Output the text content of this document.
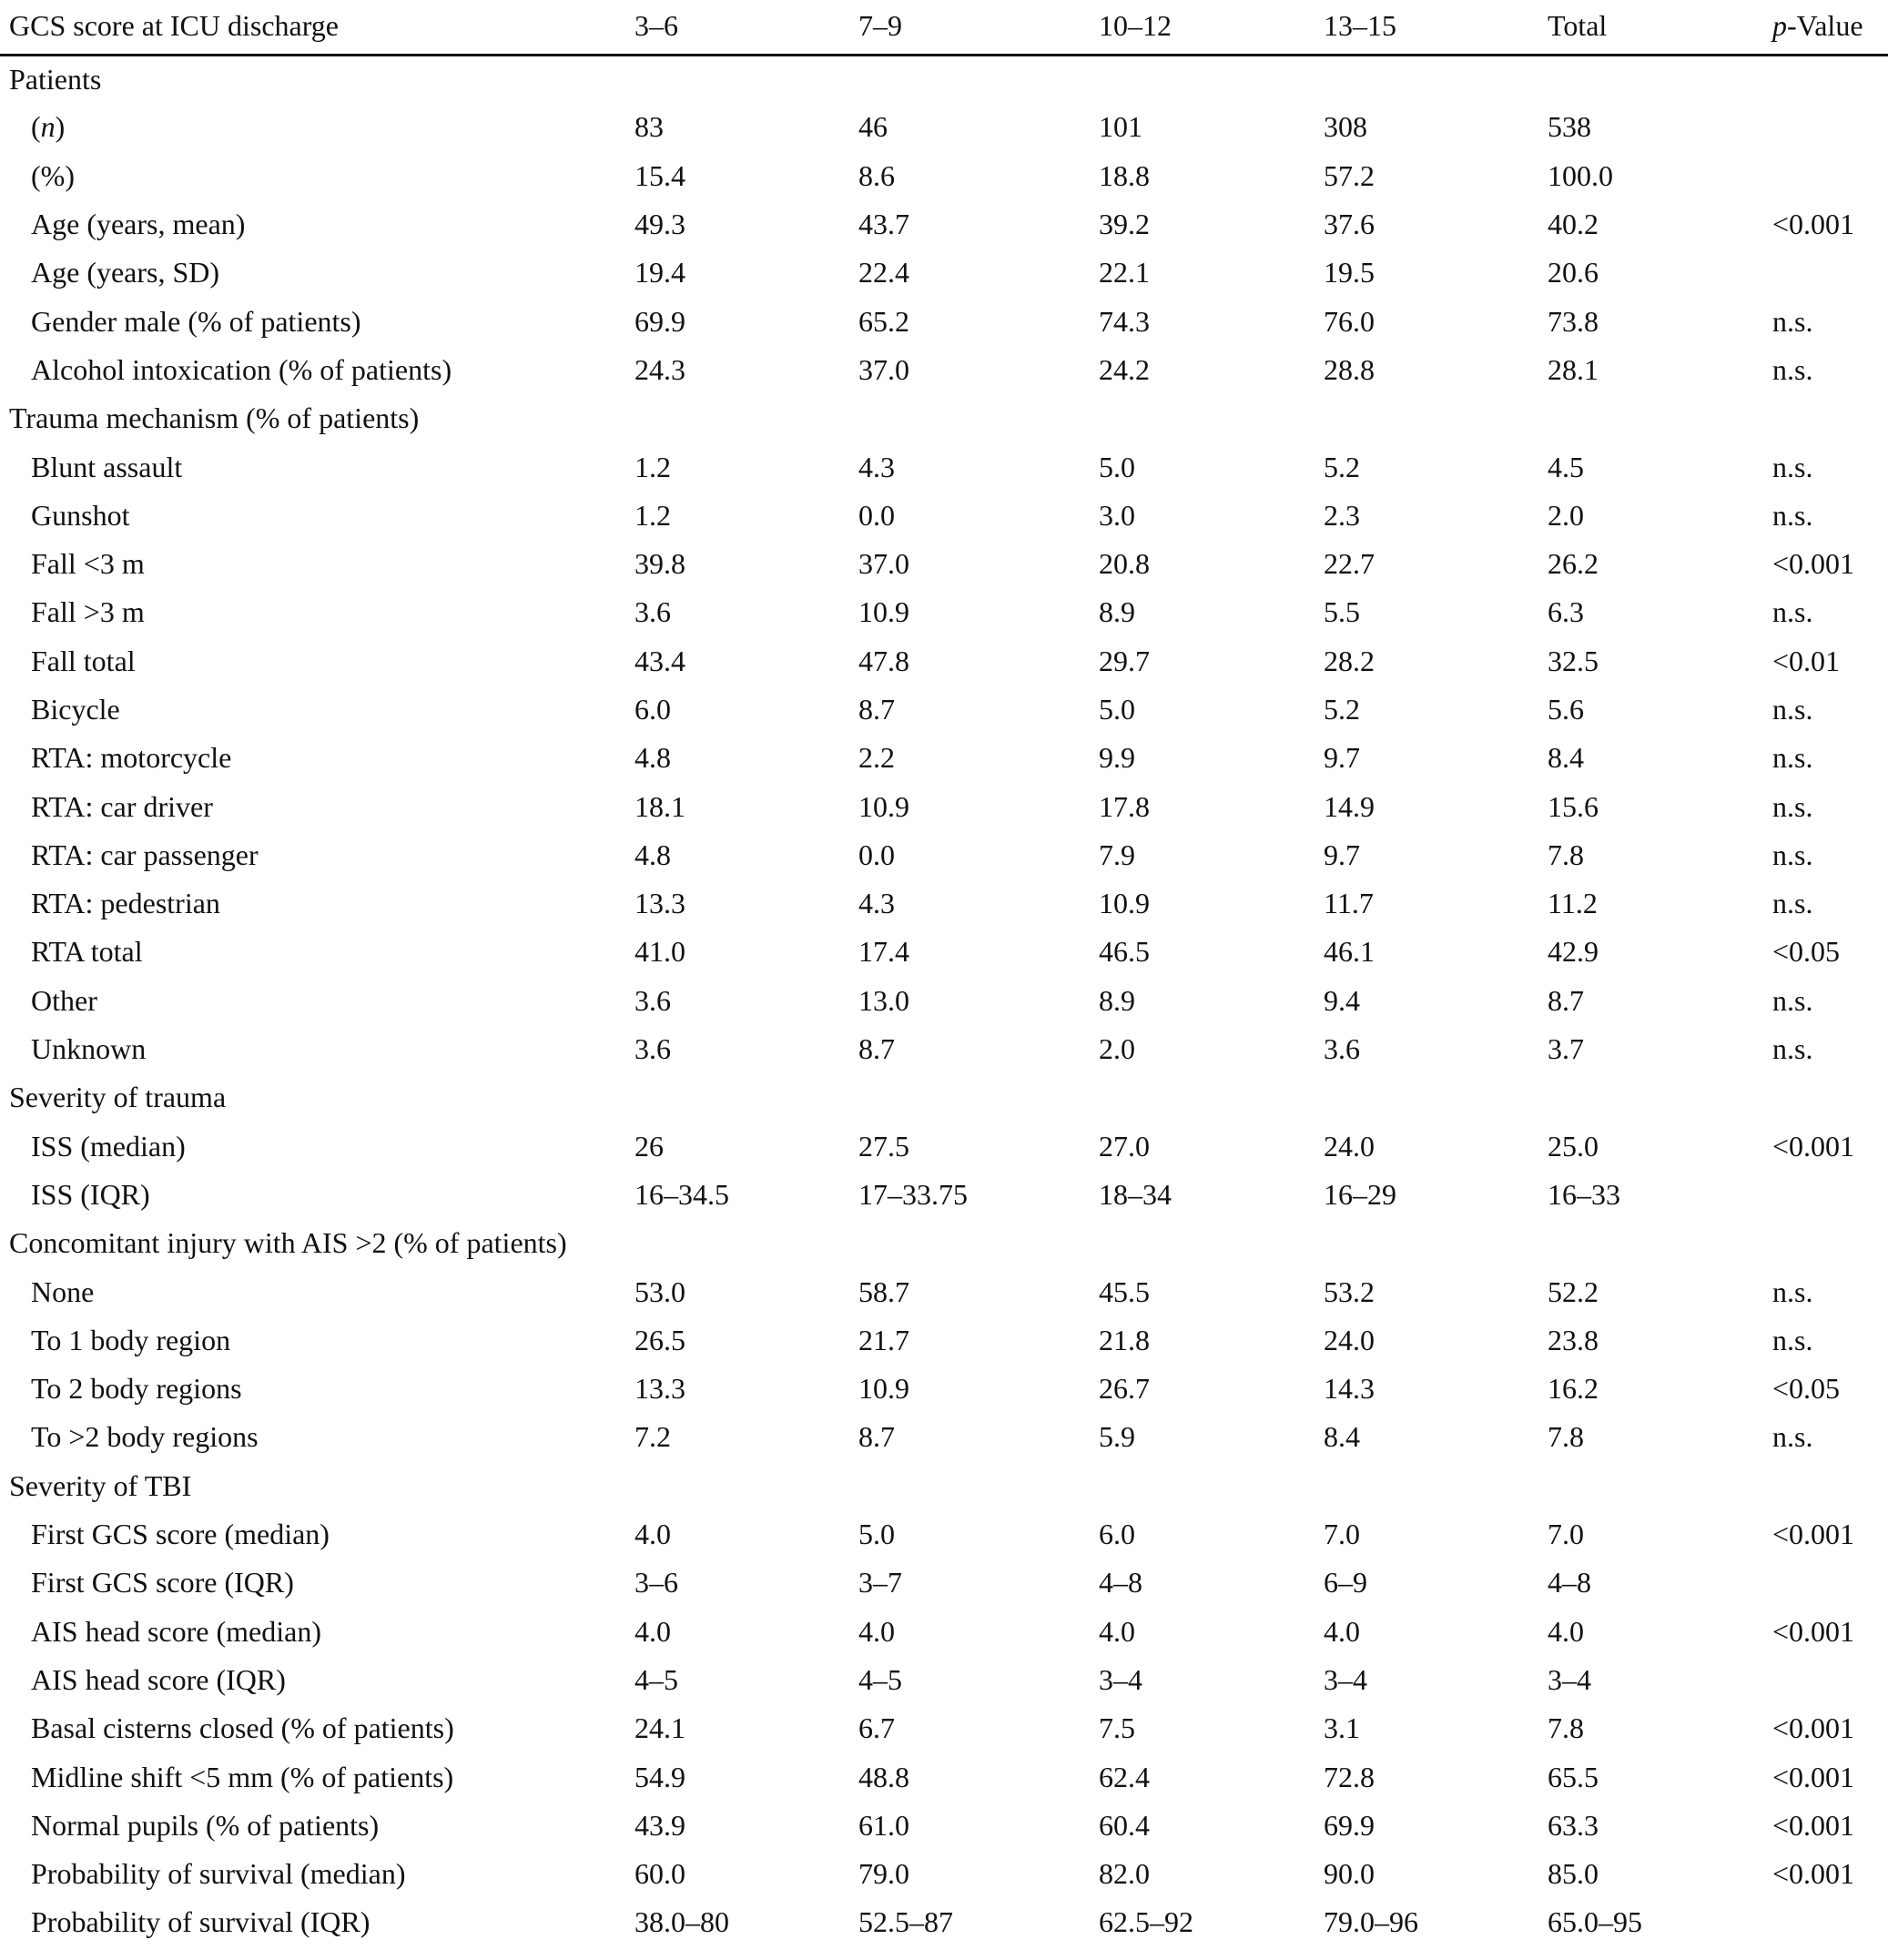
GCS score at ICU discharge	3–6	7–9	10–12	13–15	Total	p-Value
Patients						
(n)	83	46	101	308	538	
(%)	15.4	8.6	18.8	57.2	100.0	
Age (years, mean)	49.3	43.7	39.2	37.6	40.2	<0.001
Age (years, SD)	19.4	22.4	22.1	19.5	20.6	
Gender male (% of patients)	69.9	65.2	74.3	76.0	73.8	n.s.
Alcohol intoxication (% of patients)	24.3	37.0	24.2	28.8	28.1	n.s.
Trauma mechanism (% of patients)						
Blunt assault	1.2	4.3	5.0	5.2	4.5	n.s.
Gunshot	1.2	0.0	3.0	2.3	2.0	n.s.
Fall <3 m	39.8	37.0	20.8	22.7	26.2	<0.001
Fall >3 m	3.6	10.9	8.9	5.5	6.3	n.s.
Fall total	43.4	47.8	29.7	28.2	32.5	<0.01
Bicycle	6.0	8.7	5.0	5.2	5.6	n.s.
RTA: motorcycle	4.8	2.2	9.9	9.7	8.4	n.s.
RTA: car driver	18.1	10.9	17.8	14.9	15.6	n.s.
RTA: car passenger	4.8	0.0	7.9	9.7	7.8	n.s.
RTA: pedestrian	13.3	4.3	10.9	11.7	11.2	n.s.
RTA total	41.0	17.4	46.5	46.1	42.9	<0.05
Other	3.6	13.0	8.9	9.4	8.7	n.s.
Unknown	3.6	8.7	2.0	3.6	3.7	n.s.
Severity of trauma						
ISS (median)	26	27.5	27.0	24.0	25.0	<0.001
ISS (IQR)	16–34.5	17–33.75	18–34	16–29	16–33	
Concomitant injury with AIS >2 (% of patients)						
None	53.0	58.7	45.5	53.2	52.2	n.s.
To 1 body region	26.5	21.7	21.8	24.0	23.8	n.s.
To 2 body regions	13.3	10.9	26.7	14.3	16.2	<0.05
To >2 body regions	7.2	8.7	5.9	8.4	7.8	n.s.
Severity of TBI						
First GCS score (median)	4.0	5.0	6.0	7.0	7.0	<0.001
First GCS score (IQR)	3–6	3–7	4–8	6–9	4–8	
AIS head score (median)	4.0	4.0	4.0	4.0	4.0	<0.001
AIS head score (IQR)	4–5	4–5	3–4	3–4	3–4	
Basal cisterns closed (% of patients)	24.1	6.7	7.5	3.1	7.8	<0.001
Midline shift <5 mm (% of patients)	54.9	48.8	62.4	72.8	65.5	<0.001
Normal pupils (% of patients)	43.9	61.0	60.4	69.9	63.3	<0.001
Probability of survival (median)	60.0	79.0	82.0	90.0	85.0	<0.001
Probability of survival (IQR)	38.0–80	52.5–87	62.5–92	79.0–96	65.0–95	
